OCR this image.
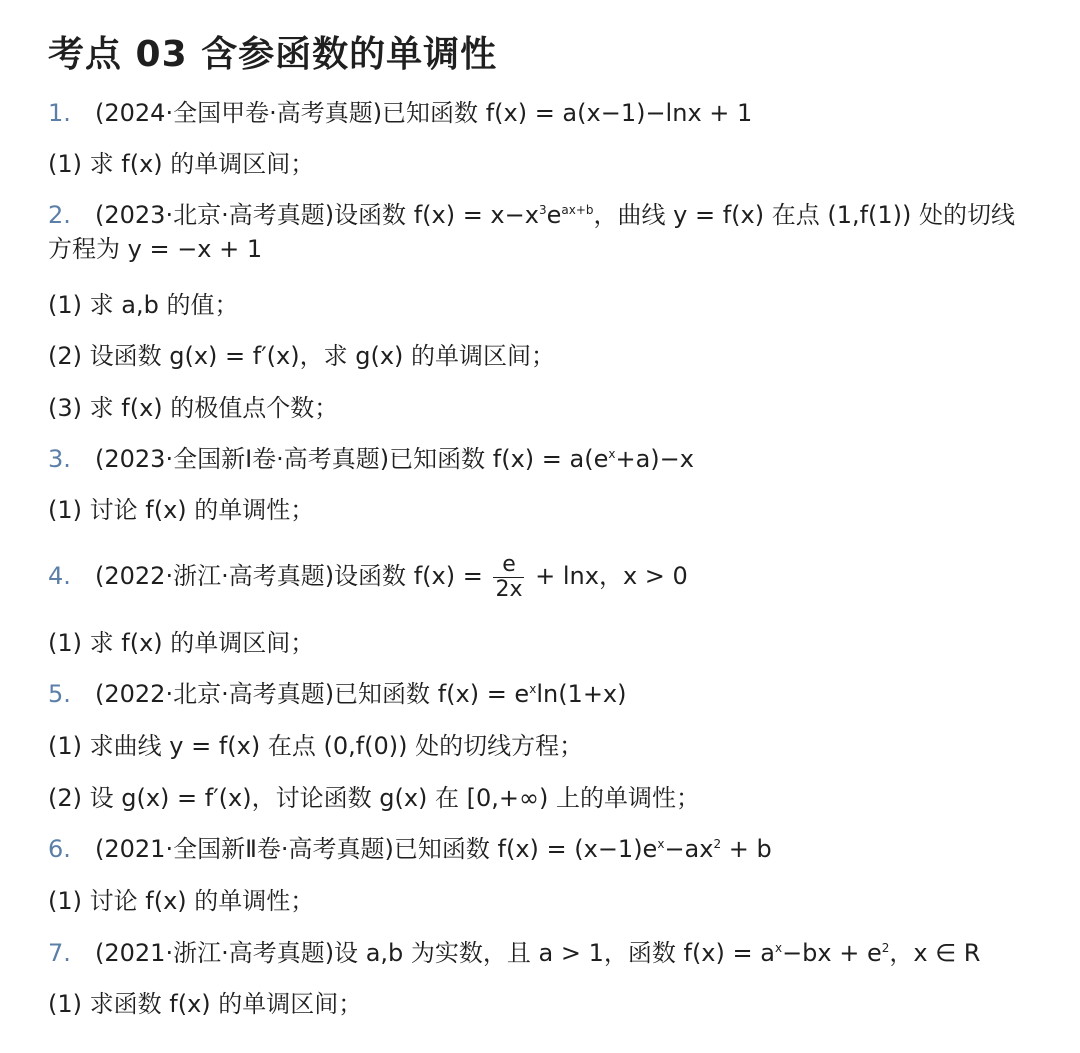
考点 03 含参函数的单调性
1. (2024·全国甲卷·高考真题)已知函数 f(x) = a(x−1)−lnx + 1
(1) 求 f(x) 的单调区间；
2. (2023·北京·高考真题)设函数 $f(x) = x-x^3e^{ax+b}$，曲线 y = f(x) 在点 (1,f(1)) 处的切线方程为 y = −x + 1
(1) 求 a,b 的值；
(2) 设函数 g(x) = f′(x)，求 g(x) 的单调区间；
(3) 求 f(x) 的极值点个数；
3. (2023·全国新Ⅰ卷·高考真题)已知函数 $f(x) = a(e^x+a)-x$
(1) 讨论 f(x) 的单调性；
4. (2022·浙江·高考真题)设函数 $f(x) = \frac{e}{2x} + \ln x$，x > 0
(1) 求 f(x) 的单调区间；
5. (2022·北京·高考真题)已知函数 $f(x) = e^x\ln(1+x)$
(1) 求曲线 y = f(x) 在点 (0,f(0)) 处的切线方程；
(2) 设 g(x) = f′(x)，讨论函数 g(x) 在 [0,+∞) 上的单调性；
6. (2021·全国新Ⅱ卷·高考真题)已知函数 $f(x) = (x-1)e^x-ax^2 + b$
(1) 讨论 f(x) 的单调性；
7. (2021·浙江·高考真题)设 a,b 为实数，且 a > 1，函数 $f(x) = a^x-bx + e^2$，x ∈ R
(1) 求函数 f(x) 的单调区间；
